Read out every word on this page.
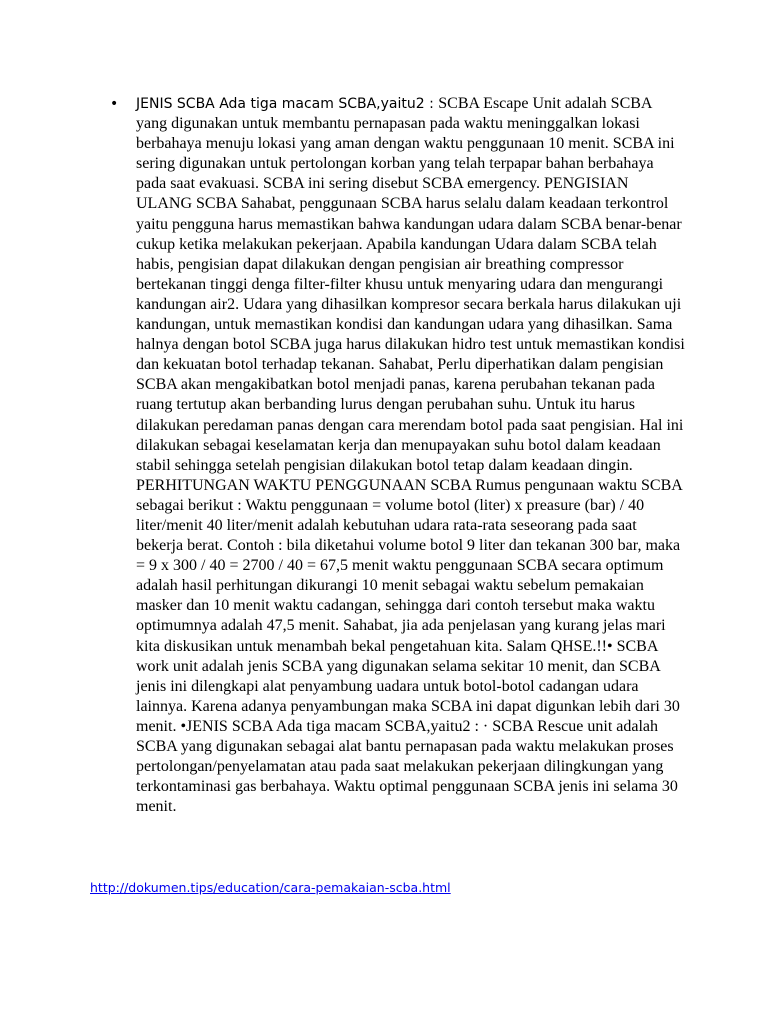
• JENIS SCBA Ada tiga macam SCBA,yaitu2 : SCBA Escape Unit adalah SCBA yang digunakan untuk membantu pernapasan pada waktu meninggalkan lokasi berbahaya menuju lokasi yang aman dengan waktu penggunaan 10 menit. SCBA ini sering digunakan untuk pertolongan korban yang telah terpapar bahan berbahaya pada saat evakuasi. SCBA ini sering disebut SCBA emergency. PENGISIAN ULANG SCBA Sahabat, penggunaan SCBA harus selalu dalam keadaan terkontrol yaitu pengguna harus memastikan bahwa kandungan udara dalam SCBA benar-benar cukup ketika melakukan pekerjaan. Apabila kandungan Udara dalam SCBA telah habis, pengisian dapat dilakukan dengan pengisian air breathing compressor bertekanan tinggi denga filter-filter khusu untuk menyaring udara dan mengurangi kandungan air2. Udara yang dihasilkan kompresor secara berkala harus dilakukan uji kandungan, untuk memastikan kondisi dan kandungan udara yang dihasilkan. Sama halnya dengan botol SCBA juga harus dilakukan hidro test untuk memastikan kondisi dan kekuatan botol terhadap tekanan. Sahabat, Perlu diperhatikan dalam pengisian SCBA akan mengakibatkan botol menjadi panas, karena perubahan tekanan pada ruang tertutup akan berbanding lurus dengan perubahan suhu. Untuk itu harus dilakukan peredaman panas dengan cara merendam botol pada saat pengisian. Hal ini dilakukan sebagai keselamatan kerja dan menupayakan suhu botol dalam keadaan stabil sehingga setelah pengisian dilakukan botol tetap dalam keadaan dingin. PERHITUNGAN WAKTU PENGGUNAAN SCBA Rumus pengunaan waktu SCBA sebagai berikut : Waktu penggunaan = volume botol (liter) x preasure (bar) / 40 liter/menit 40 liter/menit adalah kebutuhan udara rata-rata seseorang pada saat bekerja berat. Contoh : bila diketahui volume botol 9 liter dan tekanan 300 bar, maka = 9 x 300 / 40 = 2700 / 40 = 67,5 menit waktu penggunaan SCBA secara optimum adalah hasil perhitungan dikurangi 10 menit sebagai waktu sebelum pemakaian masker dan 10 menit waktu cadangan, sehingga dari contoh tersebut maka waktu optimumnya adalah 47,5 menit. Sahabat, jia ada penjelasan yang kurang jelas mari kita diskusikan untuk menambah bekal pengetahuan kita. Salam QHSE.!!• SCBA work unit adalah jenis SCBA yang digunakan selama sekitar 10 menit, dan SCBA jenis ini dilengkapi alat penyambung uadara untuk botol-botol cadangan udara lainnya. Karena adanya penyambungan maka SCBA ini dapat digunkan lebih dari 30 menit. •JENIS SCBA Ada tiga macam SCBA,yaitu2 : · SCBA Rescue unit adalah SCBA yang digunakan sebagai alat bantu pernapasan pada waktu melakukan proses pertolongan/penyelamatan atau pada saat melakukan pekerjaan dilingkungan yang terkontaminasi gas berbahaya. Waktu optimal penggunaan SCBA jenis ini selama 30 menit.

http://dokumen.tips/education/cara-pemakaian-scba.html
